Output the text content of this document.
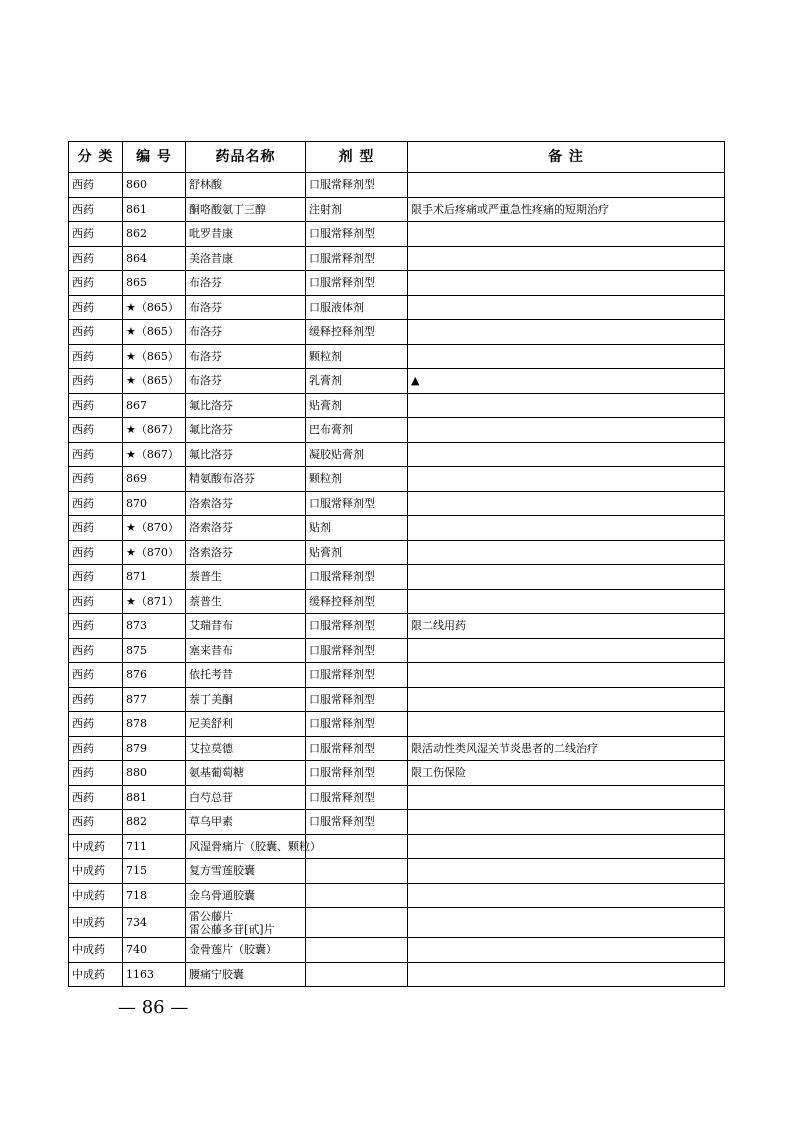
分 类	编 号	药品名称	剂 型	备 注
西药	860	舒林酸	口服常释剂型	
西药	861	酮咯酸氨丁三醇	注射剂	限手术后疼痛或严重急性疼痛的短期治疗
西药	862	吡罗昔康	口服常释剂型	
西药	864	美洛昔康	口服常释剂型	
西药	865	布洛芬	口服常释剂型	
西药	★（865）	布洛芬	口服液体剂	
西药	★（865）	布洛芬	缓释控释剂型	
西药	★（865）	布洛芬	颗粒剂	
西药	★（865）	布洛芬	乳膏剂	▲
西药	867	氟比洛芬	贴膏剂	
西药	★（867）	氟比洛芬	巴布膏剂	
西药	★（867）	氟比洛芬	凝胶贴膏剂	
西药	869	精氨酸布洛芬	颗粒剂	
西药	870	洛索洛芬	口服常释剂型	
西药	★（870）	洛索洛芬	贴剂	
西药	★（870）	洛索洛芬	贴膏剂	
西药	871	萘普生	口服常释剂型	
西药	★（871）	萘普生	缓释控释剂型	
西药	873	艾瑞昔布	口服常释剂型	限二线用药
西药	875	塞来昔布	口服常释剂型	
西药	876	依托考昔	口服常释剂型	
西药	877	萘丁美酮	口服常释剂型	
西药	878	尼美舒利	口服常释剂型	
西药	879	艾拉莫德	口服常释剂型	限活动性类风湿关节炎患者的二线治疗
西药	880	氨基葡萄糖	口服常释剂型	限工伤保险
西药	881	白芍总苷	口服常释剂型	
西药	882	草乌甲素	口服常释剂型	
中成药	711	风湿骨痛片（胶囊、颗粒）		
中成药	715	复方雪莲胶囊		
中成药	718	金乌骨通胶囊		
中成药	734	雷公藤片
雷公藤多苷[甙]片		

中成药	740	金骨莲片（胶囊）		
中成药	1163	腰痛宁胶囊		
— 86 —
